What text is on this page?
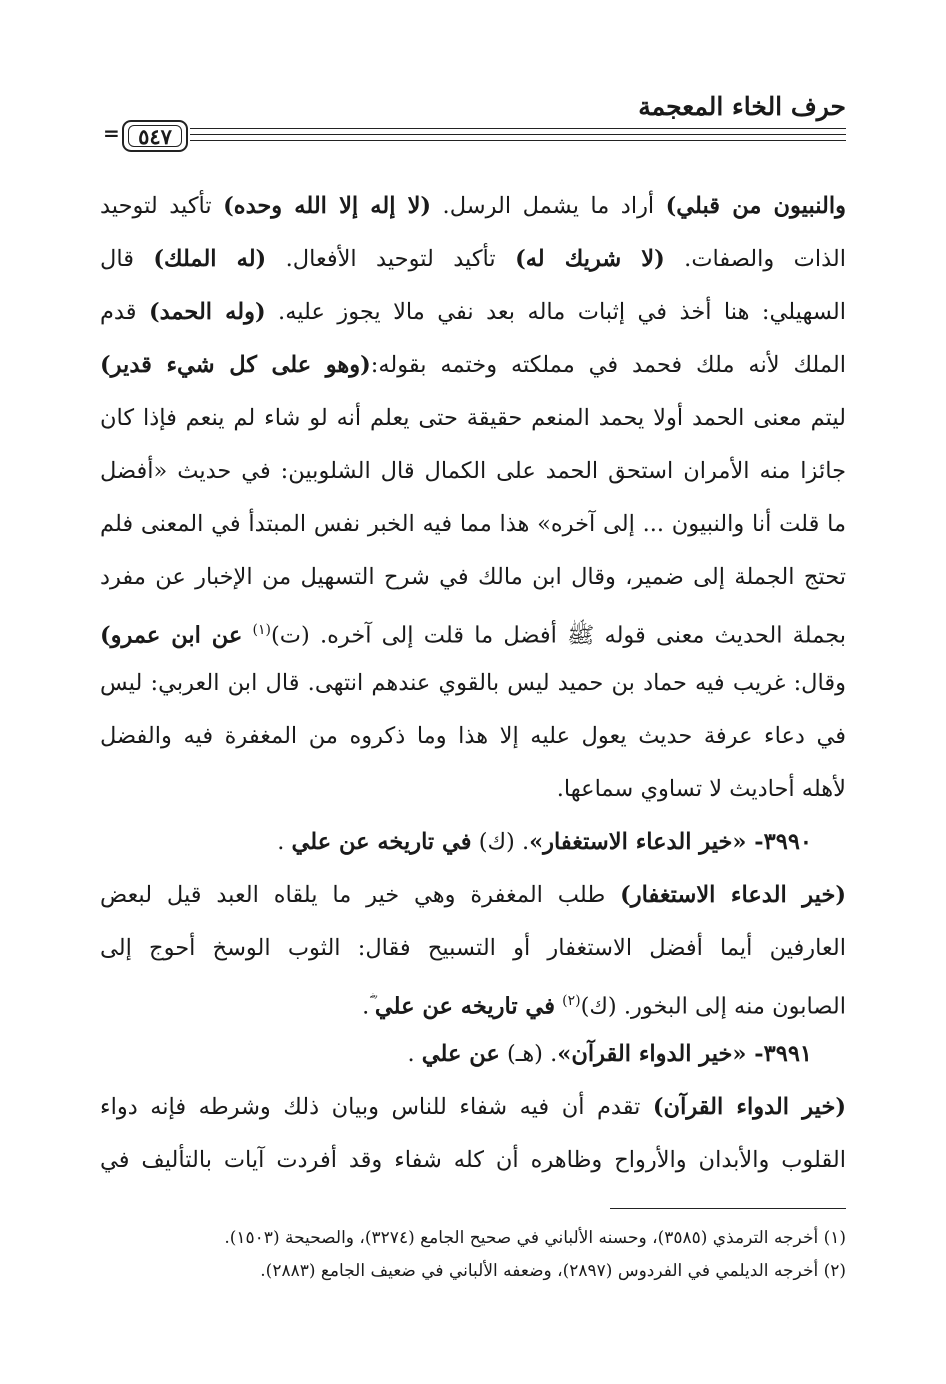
حرف الخاء المعجمة
= ٥٤٧
والنبيون من قبلي) أراد ما يشمل الرسل. (لا إله إلا الله وحده) تأكيد لتوحيد
الذات والصفات. (لا شريك له) تأكيد لتوحيد الأفعال. (له الملك) قال
السهيلي: هنا أخذ في إثبات ماله بعد نفي مالا يجوز عليه. (وله الحمد) قدم
الملك لأنه ملك فحمد في مملكته وختمه بقوله:(وهو على كل شيء قدير)
ليتم معنى الحمد أولا يحمد المنعم حقيقة حتى يعلم أنه لو شاء لم ينعم فإذا كان
جائزا منه الأمران استحق الحمد على الكمال قال الشلوبين: في حديث «أفضل
ما قلت أنا والنبيون ... إلى آخره» هذا مما فيه الخبر نفس المبتدأ في المعنى فلم
تحتج الجملة إلى ضمير، وقال ابن مالك في شرح التسهيل من الإخبار عن مفرد
بجملة الحديث معنى قوله ﷺ أفضل ما قلت إلى آخره. (ت)$^{(١)}$ عن ابن عمرو)
وقال: غريب فيه حماد بن حميد ليس بالقوي عندهم انتهى. قال ابن العربي: ليس
في دعاء عرفة حديث يعول عليه إلا هذا وما ذكروه من المغفرة فيه والفضل
لأهله أحاديث لا تساوي سماعها.
٣٩٩٠- «خير الدعاء الاستغفار». (ك) في تاريخه عن علي .
(خير الدعاء الاستغفار) طلب المغفرة وهي خير ما يلقاه العبد قيل لبعض
العارفين أيما أفضل الاستغفار أو التسبيح فقال: الثوب الوسخ أحوج إلى
الصابون منه إلى البخور. (ك)$^{(٢)}$ في تاريخه عن علي ؓ.
٣٩٩١- «خير الدواء القرآن». (هـ) عن علي .
(خير الدواء القرآن) تقدم أن فيه شفاء للناس وبيان ذلك وشرطه فإنه دواء
القلوب والأبدان والأرواح وظاهره أن كله شفاء وقد أفردت آيات بالتأليف في
(١) أخرجه الترمذي (٣٥٨٥)، وحسنه الألباني في صحيح الجامع (٣٢٧٤)، والصحيحة (١٥٠٣).
(٢) أخرجه الديلمي في الفردوس (٢٨٩٧)، وضعفه الألباني في ضعيف الجامع (٢٨٨٣).
